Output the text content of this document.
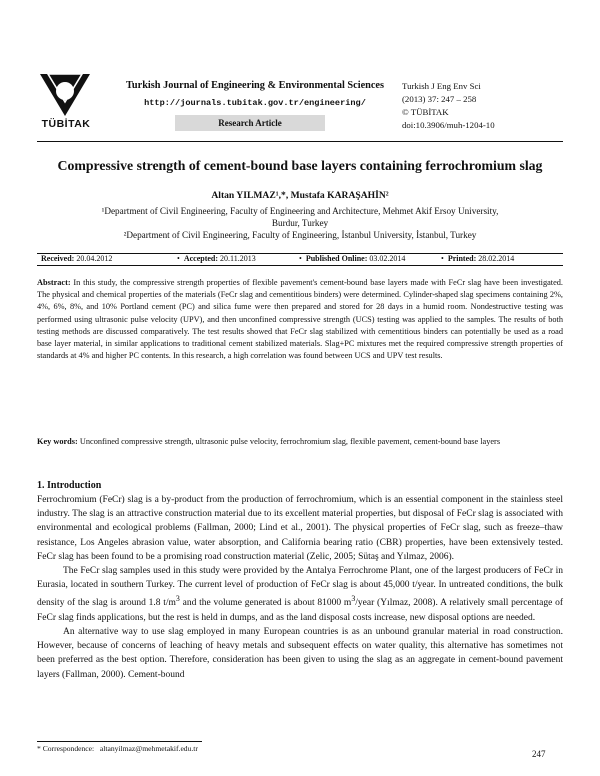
TÜBİTAK
Turkish Journal of Engineering & Environmental Sciences
http://journals.tubitak.gov.tr/engineering/
Research Article
Turkish J Eng Env Sci
(2013) 37: 247 – 258
© TÜBİTAK
doi:10.3906/muh-1204-10
Compressive strength of cement-bound base layers containing ferrochromium slag
Altan YILMAZ¹,*, Mustafa KARAŞAHİN²
¹Department of Civil Engineering, Faculty of Engineering and Architecture, Mehmet Akif Ersoy University,
Burdur, Turkey
²Department of Civil Engineering, Faculty of Engineering, İstanbul University, İstanbul, Turkey
Received: 20.04.2012	•  Accepted: 20.11.2013	•  Published Online: 03.02.2014	•  Printed: 28.02.2014
Abstract: In this study, the compressive strength properties of flexible pavement's cement-bound base layers made with FeCr slag have been investigated. The physical and chemical properties of the materials (FeCr slag and cementitious binders) were determined. Cylinder-shaped slag specimens containing 2%, 4%, 6%, 8%, and 10% Portland cement (PC) and silica fume were then prepared and stored for 28 days in a humid room. Nondestructive testing was performed using ultrasonic pulse velocity (UPV), and then unconfined compressive strength (UCS) testing was applied to the samples. The results of both testing methods are discussed comparatively. The test results showed that FeCr slag stabilized with cementitious binders can potentially be used as a road base layer material, in similar applications to traditional cement stabilized materials. Slag+PC mixtures met the required compressive strength properties of standards at 4% and higher PC contents. In this research, a high correlation was found between UCS and UPV test results.
Key words: Unconfined compressive strength, ultrasonic pulse velocity, ferrochromium slag, flexible pavement, cement-bound base layers
1. Introduction

Ferrochromium (FeCr) slag is a by-product from the production of ferrochromium, which is an essential component in the stainless steel industry. The slag is an attractive construction material due to its excellent material properties, but disposal of FeCr slag is associated with environmental and ecological problems (Fallman, 2000; Lind et al., 2001). The physical properties of FeCr slag, such as freeze–thaw resistance, Los Angeles abrasion value, water absorption, and California bearing ratio (CBR) properties, have been extensively tested. FeCr slag has been found to be a promising road construction material (Zelic, 2005; Sütaş and Yılmaz, 2006).

The FeCr slag samples used in this study were provided by the Antalya Ferrochrome Plant, one of the largest producers of FeCr in Eurasia, located in southern Turkey. The current level of production of FeCr slag is about 45,000 t/year. In untreated conditions, the bulk density of the slag is around 1.8 $t/m^3$ and the volume generated is about 81000 $m^3$/year (Yılmaz, 2008). A relatively small percentage of FeCr slag finds applications, but the rest is held in dumps, and as the land disposal costs increase, new disposal options are needed.

An alternative way to use slag employed in many European countries is as an unbound granular material in road construction. However, because of concerns of leaching of heavy metals and subsequent effects on water quality, this alternative has sometimes not been preferred as the best option. Therefore, consideration has been given to using the slag as an aggregate in cement-bound pavement layers (Fallman, 2000). Cement-bound

* Correspondence: altanyilmaz@mehmetakif.edu.tr
247
